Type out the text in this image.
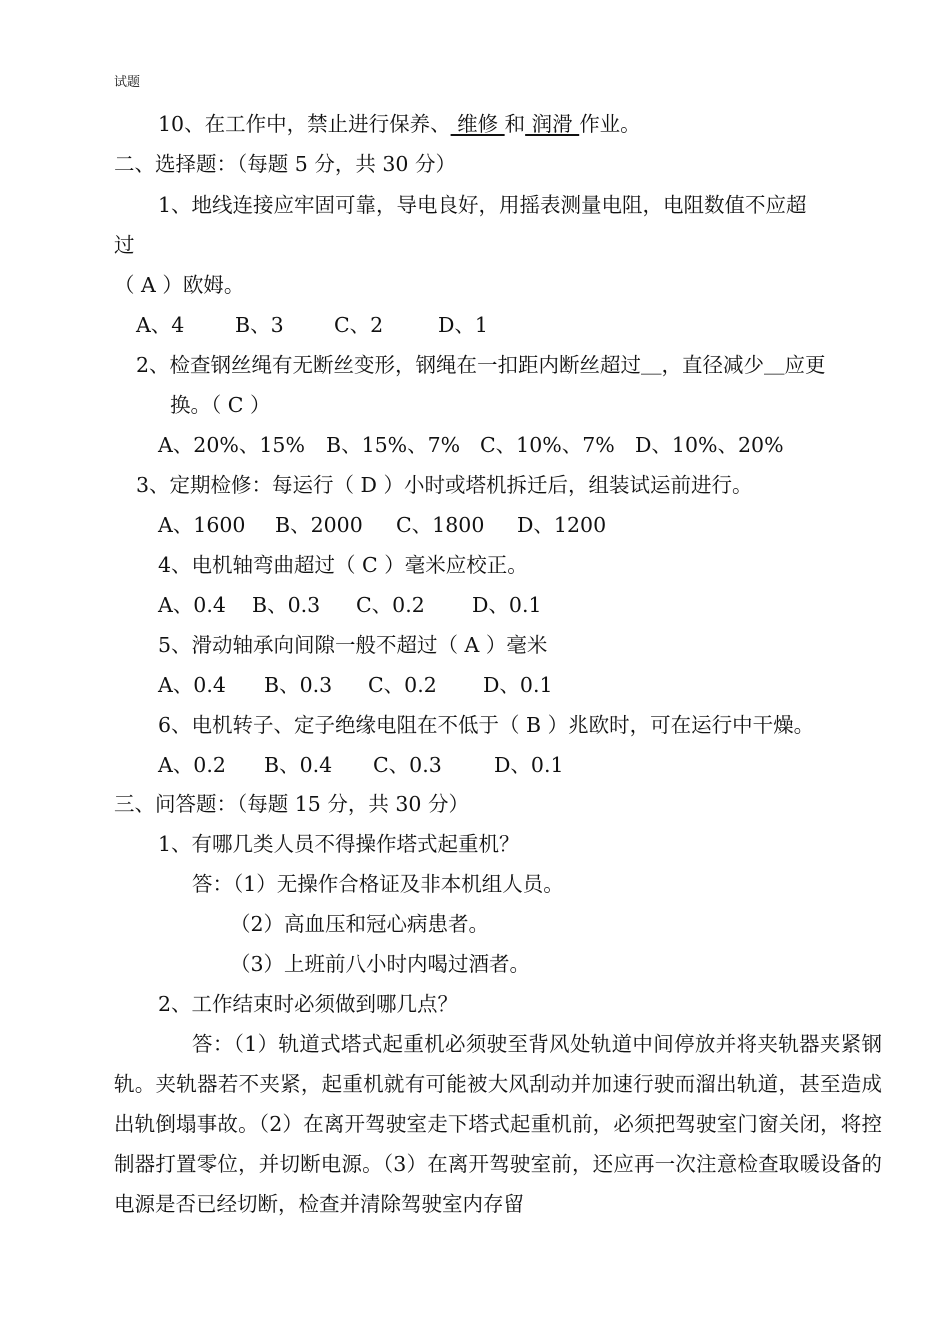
试题
10、在工作中，禁止进行保养、 维修 和 润滑 作业。
二、选择题：（每题 5 分，共 30 分）
1、地线连接应牢固可靠，导电良好，用摇表测量电阻，电阻数值不应超
过
（ A ）欧姆。
A、4 B、3 C、2	D、1
2、检查钢丝绳有无断丝变形，钢绳在一扣距内断丝超过＿，直径减少＿应更
换。（ C ）
A、20%、15% B、15%、7% C、10%、7% D、10%、20%
3、定期检修：每运行（ D ）小时或塔机拆迁后，组装试运前进行。
A、1600 B、2000 C、1800 D、1200
4、电机轴弯曲超过（ C ）毫米应校正。
A、0.4 B、0.3 C、0.2 D、0.1
5、滑动轴承向间隙一般不超过（ A ）毫米
A、0.4 B、0.3 C、0.2 D、0.1
6、电机转子、定子绝缘电阻在不低于（ B ）兆欧时，可在运行中干燥。
A、0.2 B、0.4 C、0.3	D、0.1
三、问答题：（每题 15 分，共 30 分）
1、有哪几类人员不得操作塔式起重机？
答：（1）无操作合格证及非本机组人员。
（2）高血压和冠心病患者。
（3）上班前八小时内喝过酒者。
2、工作结束时必须做到哪几点？
答：（1）轨道式塔式起重机必须驶至背风处轨道中间停放并将夹轨器夹紧钢轨。夹轨器若不夹紧，起重机就有可能被大风刮动并加速行驶而溜出轨道，甚至造成出轨倒塌事故。（2）在离开驾驶室走下塔式起重机前，必须把驾驶室门窗关闭，将控制器打置零位，并切断电源。（3）在离开驾驶室前，还应再一次注意检查取暖设备的电源是否已经切断，检查并清除驾驶室内存留
